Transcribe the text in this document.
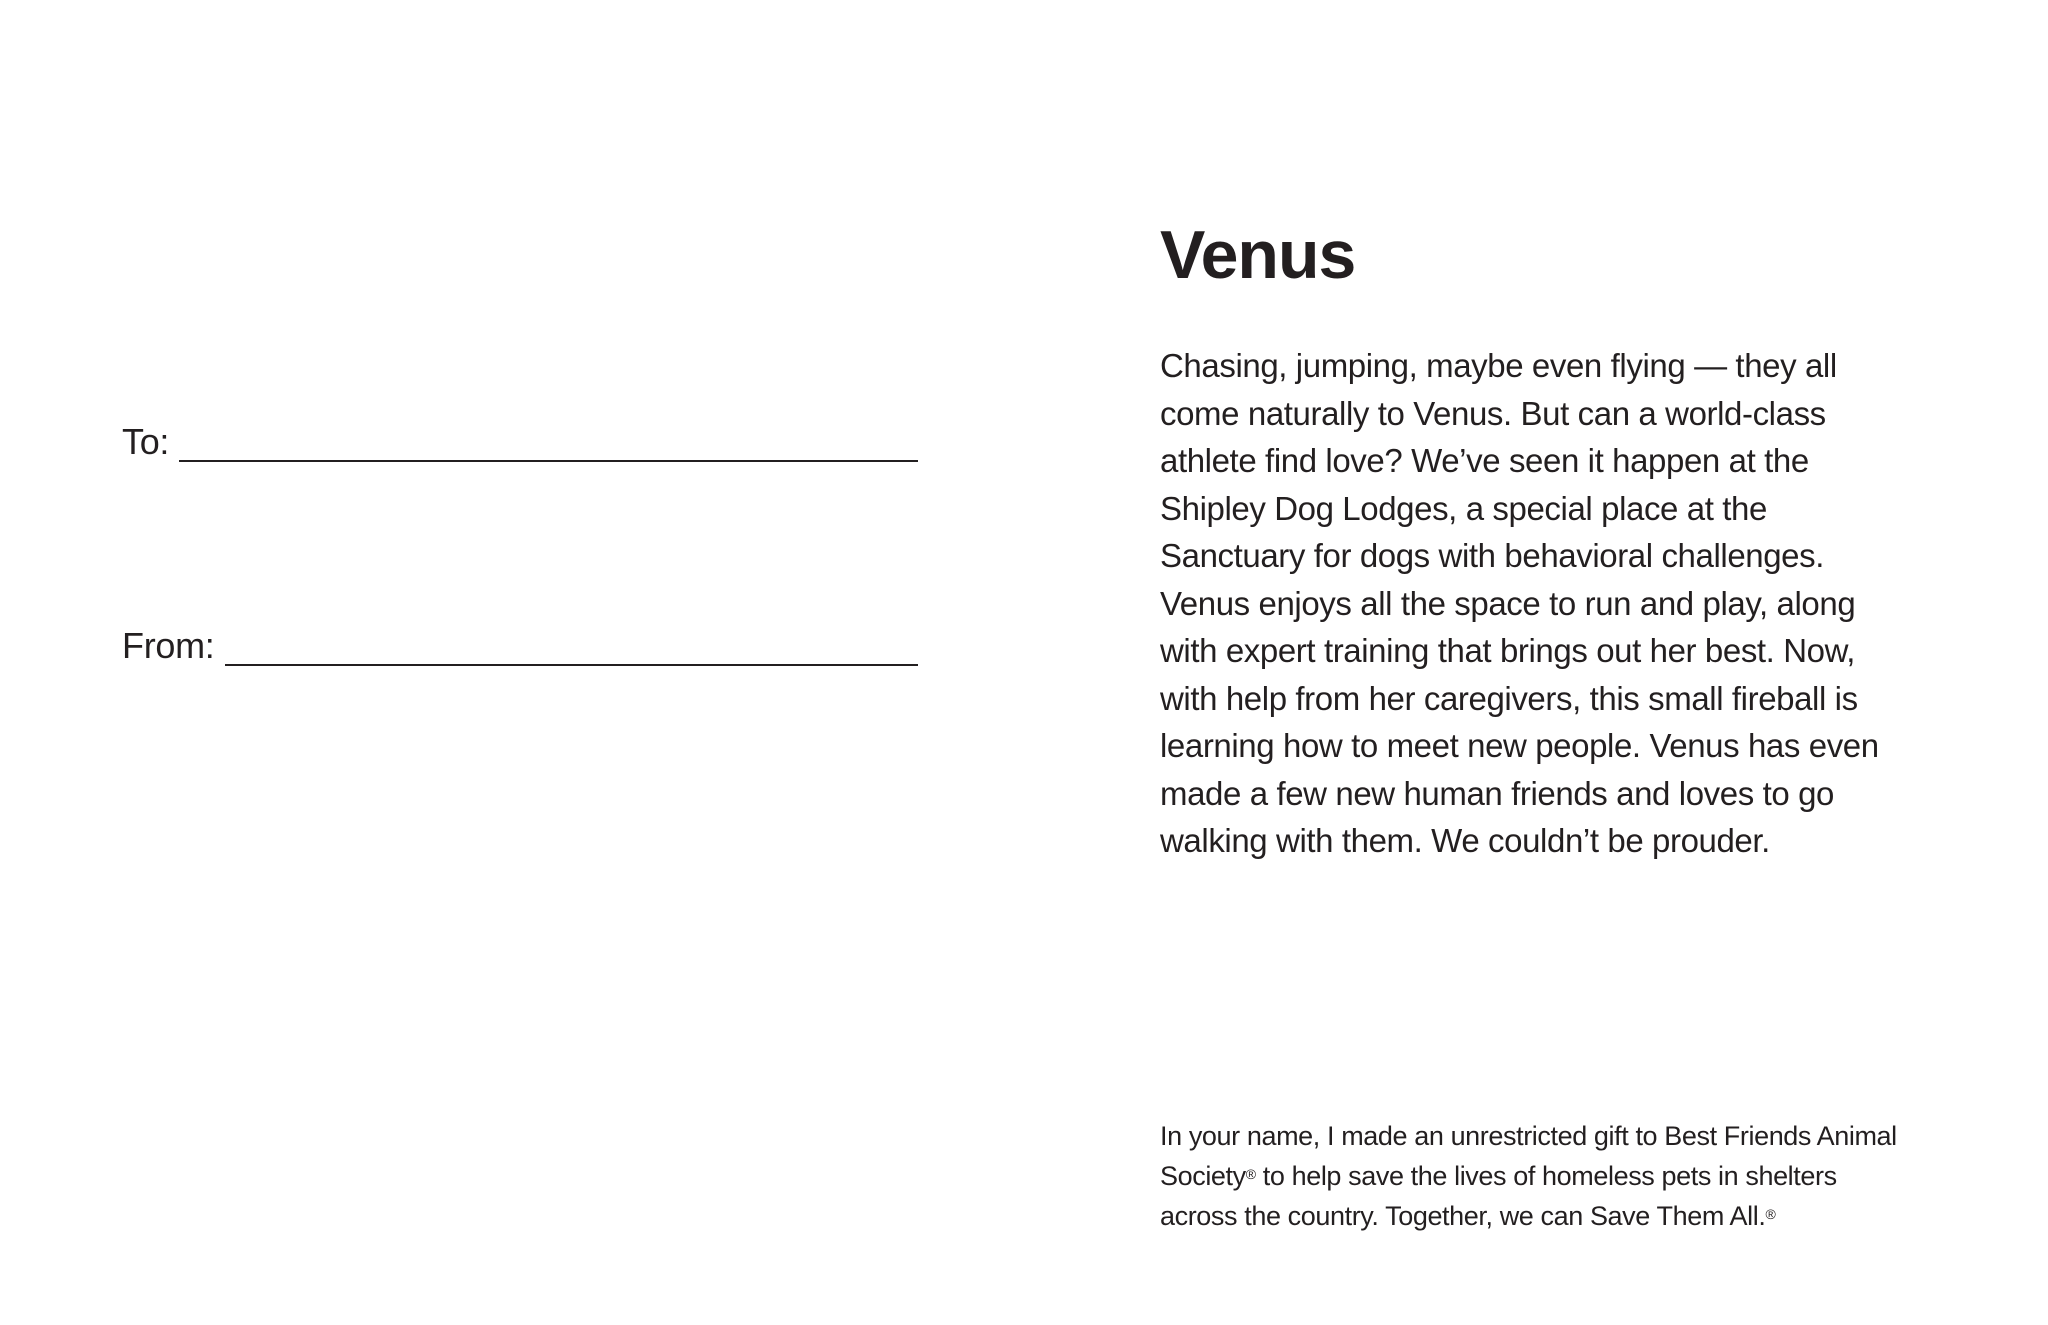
To:
From:
Venus

Chasing, jumping, maybe even flying — they all come naturally to Venus. But can a world-class athlete find love? We’ve seen it happen at the Shipley Dog Lodges, a special place at the Sanctuary for dogs with behavioral challenges. Venus enjoys all the space to run and play, along with expert training that brings out her best. Now, with help from her caregivers, this small fireball is learning how to meet new people. Venus has even made a few new human friends and loves to go walking with them. We couldn’t be prouder.

In your name, I made an unrestricted gift to Best Friends Animal Society® to help save the lives of homeless pets in shelters across the country. Together, we can Save Them All.®
